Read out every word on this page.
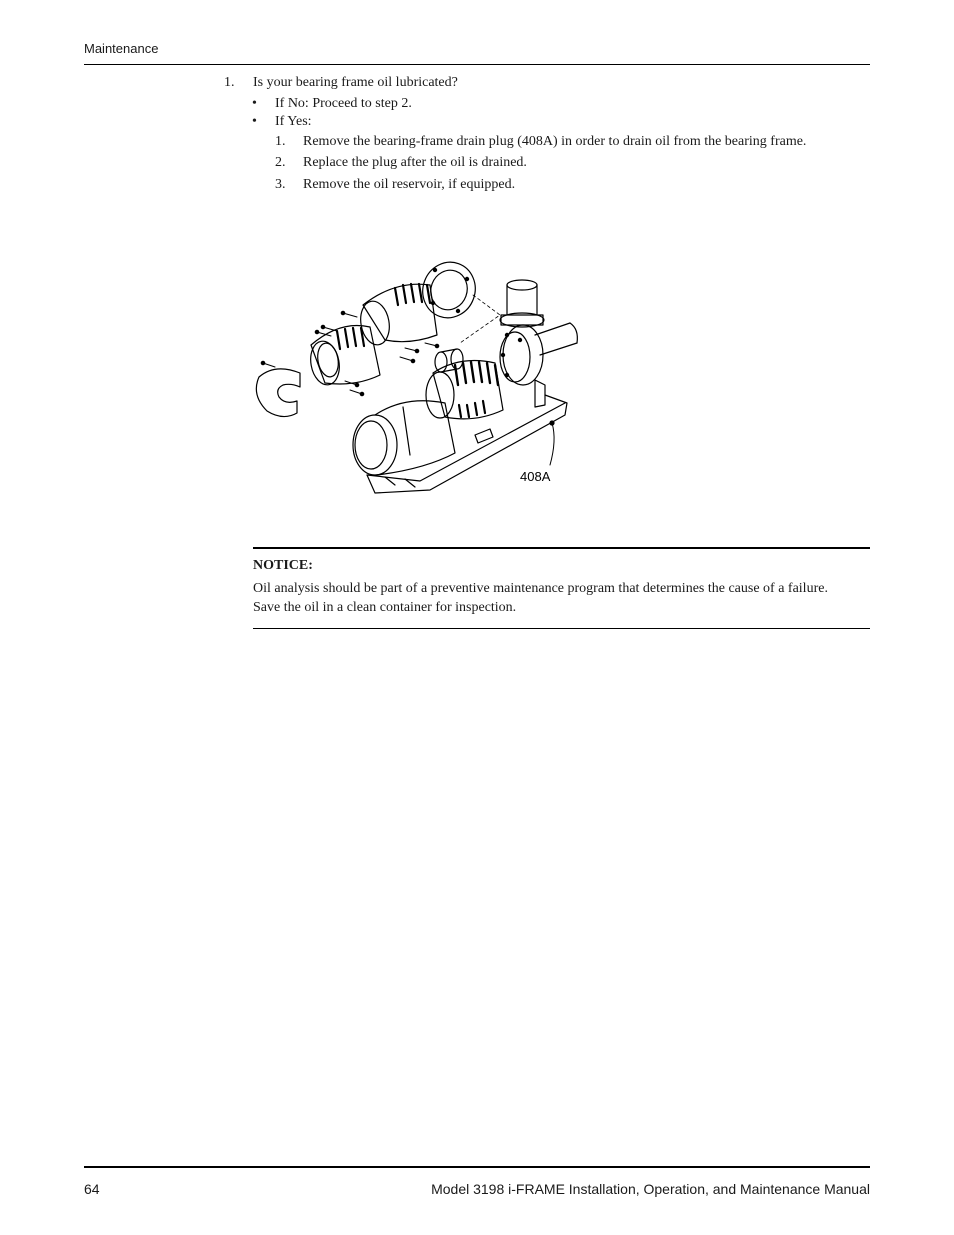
Maintenance
1. Is your bearing frame oil lubricated?
• If No: Proceed to step 2.
• If Yes:
1. Remove the bearing-frame drain plug (408A) in order to drain oil from the bearing frame.
2. Replace the plug after the oil is drained.
3. Remove the oil reservoir, if equipped.
408A
NOTICE:
Oil analysis should be part of a preventive maintenance program that determines the cause of a failure. Save the oil in a clean container for inspection.
64	Model 3198 i-FRAME Installation, Operation, and Maintenance Manual
